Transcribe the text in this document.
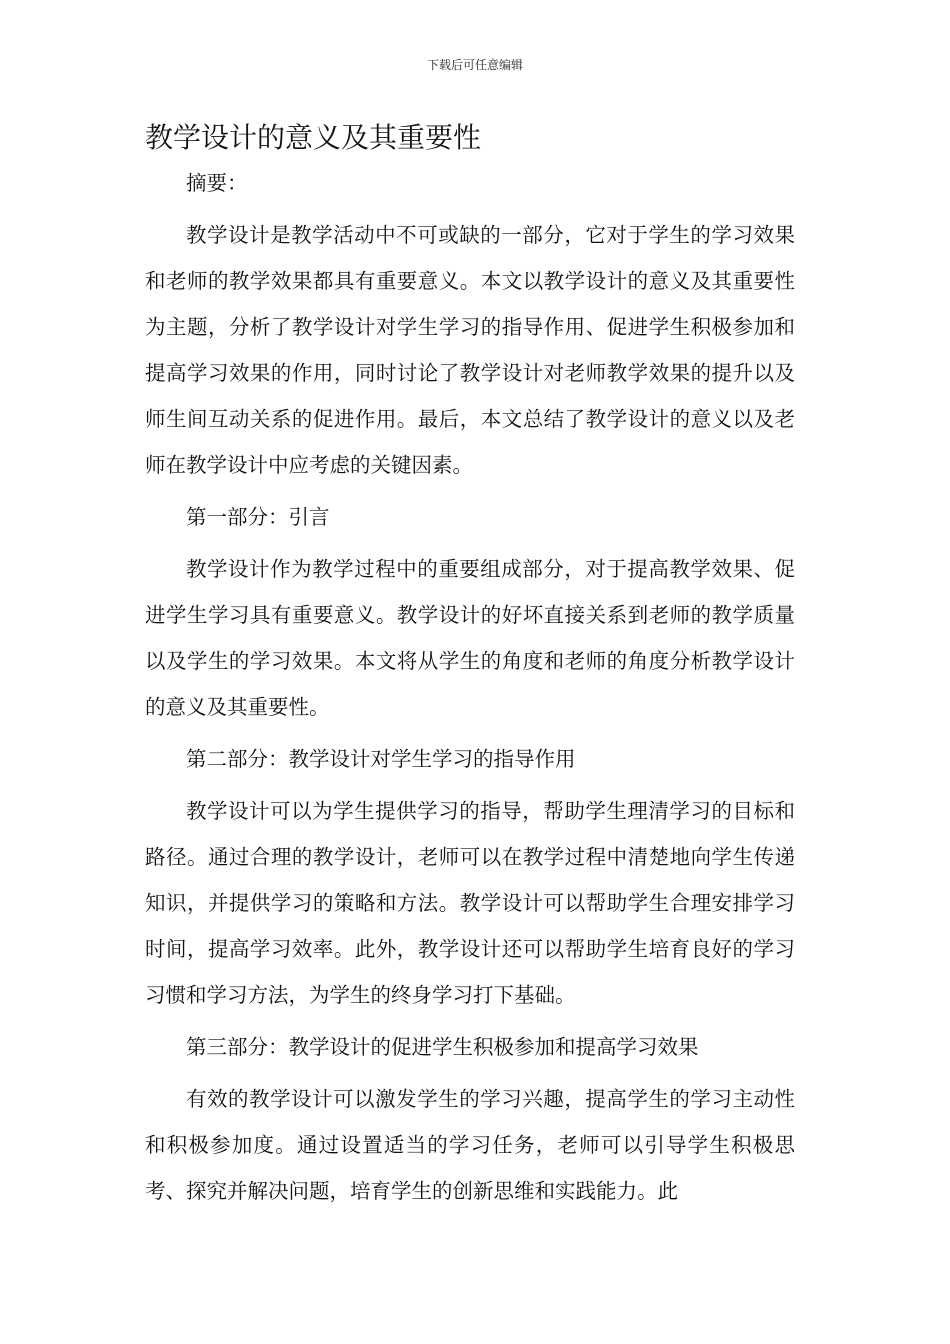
下载后可任意编辑
教学设计的意义及其重要性

摘要：

教学设计是教学活动中不可或缺的一部分，它对于学生的学习效果和老师的教学效果都具有重要意义。本文以教学设计的意义及其重要性为主题，分析了教学设计对学生学习的指导作用、促进学生积极参加和提高学习效果的作用，同时讨论了教学设计对老师教学效果的提升以及师生间互动关系的促进作用。最后，本文总结了教学设计的意义以及老师在教学设计中应考虑的关键因素。

第一部分：引言

教学设计作为教学过程中的重要组成部分，对于提高教学效果、促进学生学习具有重要意义。教学设计的好坏直接关系到老师的教学质量以及学生的学习效果。本文将从学生的角度和老师的角度分析教学设计的意义及其重要性。

第二部分：教学设计对学生学习的指导作用

教学设计可以为学生提供学习的指导，帮助学生理清学习的目标和路径。通过合理的教学设计，老师可以在教学过程中清楚地向学生传递知识，并提供学习的策略和方法。教学设计可以帮助学生合理安排学习时间，提高学习效率。此外，教学设计还可以帮助学生培育良好的学习习惯和学习方法，为学生的终身学习打下基础。

第三部分：教学设计的促进学生积极参加和提高学习效果

有效的教学设计可以激发学生的学习兴趣，提高学生的学习主动性和积极参加度。通过设置适当的学习任务，老师可以引导学生积极思考、探究并解决问题，培育学生的创新思维和实践能力。此
